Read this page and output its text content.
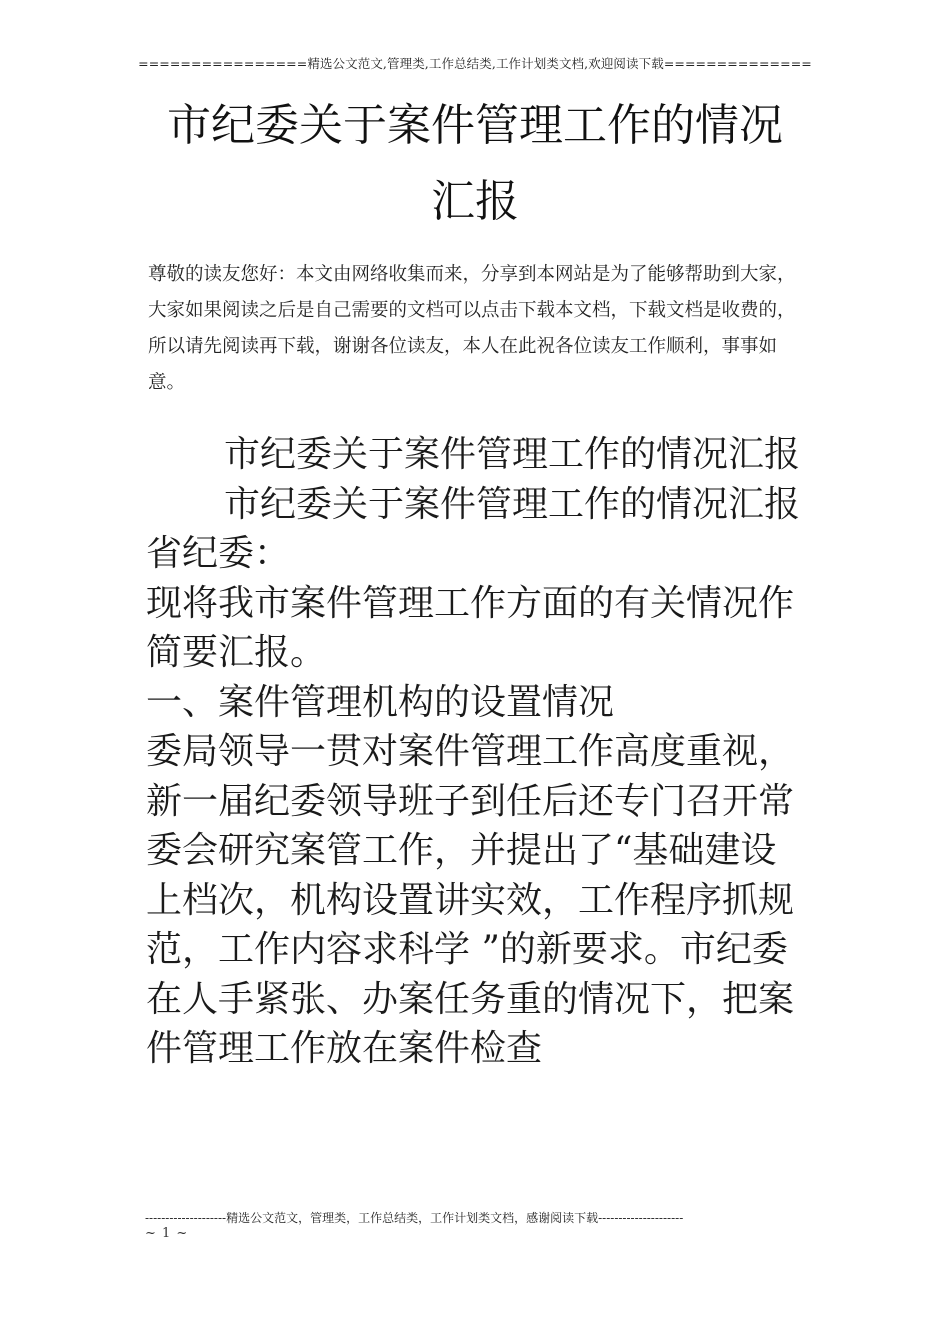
================精选公文范文,管理类,工作总结类,工作计划类文档,欢迎阅读下载==============
市纪委关于案件管理工作的情况汇报
尊敬的读友您好：本文由网络收集而来，分享到本网站是为了能够帮助到大家，大家如果阅读之后是自己需要的文档可以点击下载本文档，下载文档是收费的，所以请先阅读再下载，谢谢各位读友，本人在此祝各位读友工作顺利，事事如意。

市纪委关于案件管理工作的情况汇报

市纪委关于案件管理工作的情况汇报

省纪委：

现将我市案件管理工作方面的有关情况作简要汇报。

一、案件管理机构的设置情况

委局领导一贯对案件管理工作高度重视，新一届纪委领导班子到任后还专门召开常委会研究案管工作，并提出了“基础建设上档次，机构设置讲实效，工作程序抓规范，工作内容求科学 ”的新要求。市纪委在人手紧张、办案任务重的情况下，把案件管理工作放在案件检查

--------------------精选公文范文，管理类，工作总结类，工作计划类文档，感谢阅读下载---------------------
~ 1 ~
